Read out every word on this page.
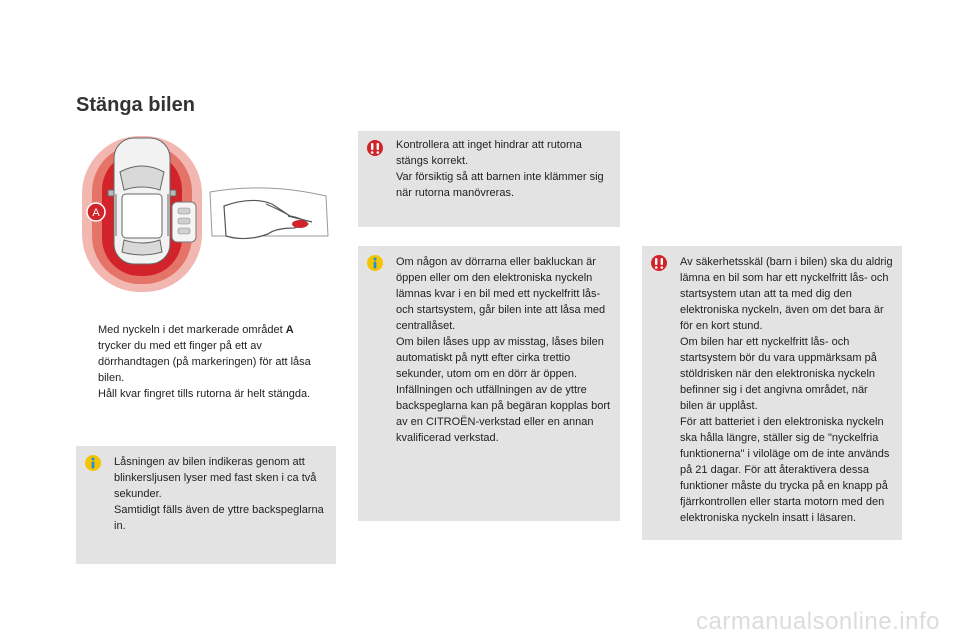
Stänga bilen
A
Med nyckeln i det markerade området A trycker du med ett finger på ett av dörrhandtagen (på markeringen) för att låsa bilen.
Håll kvar fingret tills rutorna är helt stängda.

Låsningen av bilen indikeras genom att blinkersljusen lyser med fast sken i ca två sekunder.

Samtidigt fälls även de yttre backspeglarna in.

Kontrollera att inget hindrar att rutorna stängs korrekt.

Var försiktig så att barnen inte klämmer sig när rutorna manövreras.

Om någon av dörrarna eller bakluckan är öppen eller om den elektroniska nyckeln lämnas kvar i en bil med ett nyckelfritt lås- och startsystem, går bilen inte att låsa med centrallåset.

Om bilen låses upp av misstag, låses bilen automatiskt på nytt efter cirka trettio sekunder, utom om en dörr är öppen.

Infällningen och utfällningen av de yttre backspeglarna kan på begäran kopplas bort av en CITROËN-verkstad eller en annan kvalificerad verkstad.

Av säkerhetsskäl (barn i bilen) ska du aldrig lämna en bil som har ett nyckelfritt lås- och startsystem utan att ta med dig den elektroniska nyckeln, även om det bara är för en kort stund.

Om bilen har ett nyckelfritt lås- och startsystem bör du vara uppmärksam på stöldrisken när den elektroniska nyckeln befinner sig i det angivna området, när bilen är upplåst.

För att batteriet i den elektroniska nyckeln ska hålla längre, ställer sig de "nyckelfria funktionerna" i viloläge om de inte används på 21 dagar. För att återaktivera dessa funktioner måste du trycka på en knapp på fjärrkontrollen eller starta motorn med den elektroniska nyckeln insatt i läsaren.

carmanualsonline.info
